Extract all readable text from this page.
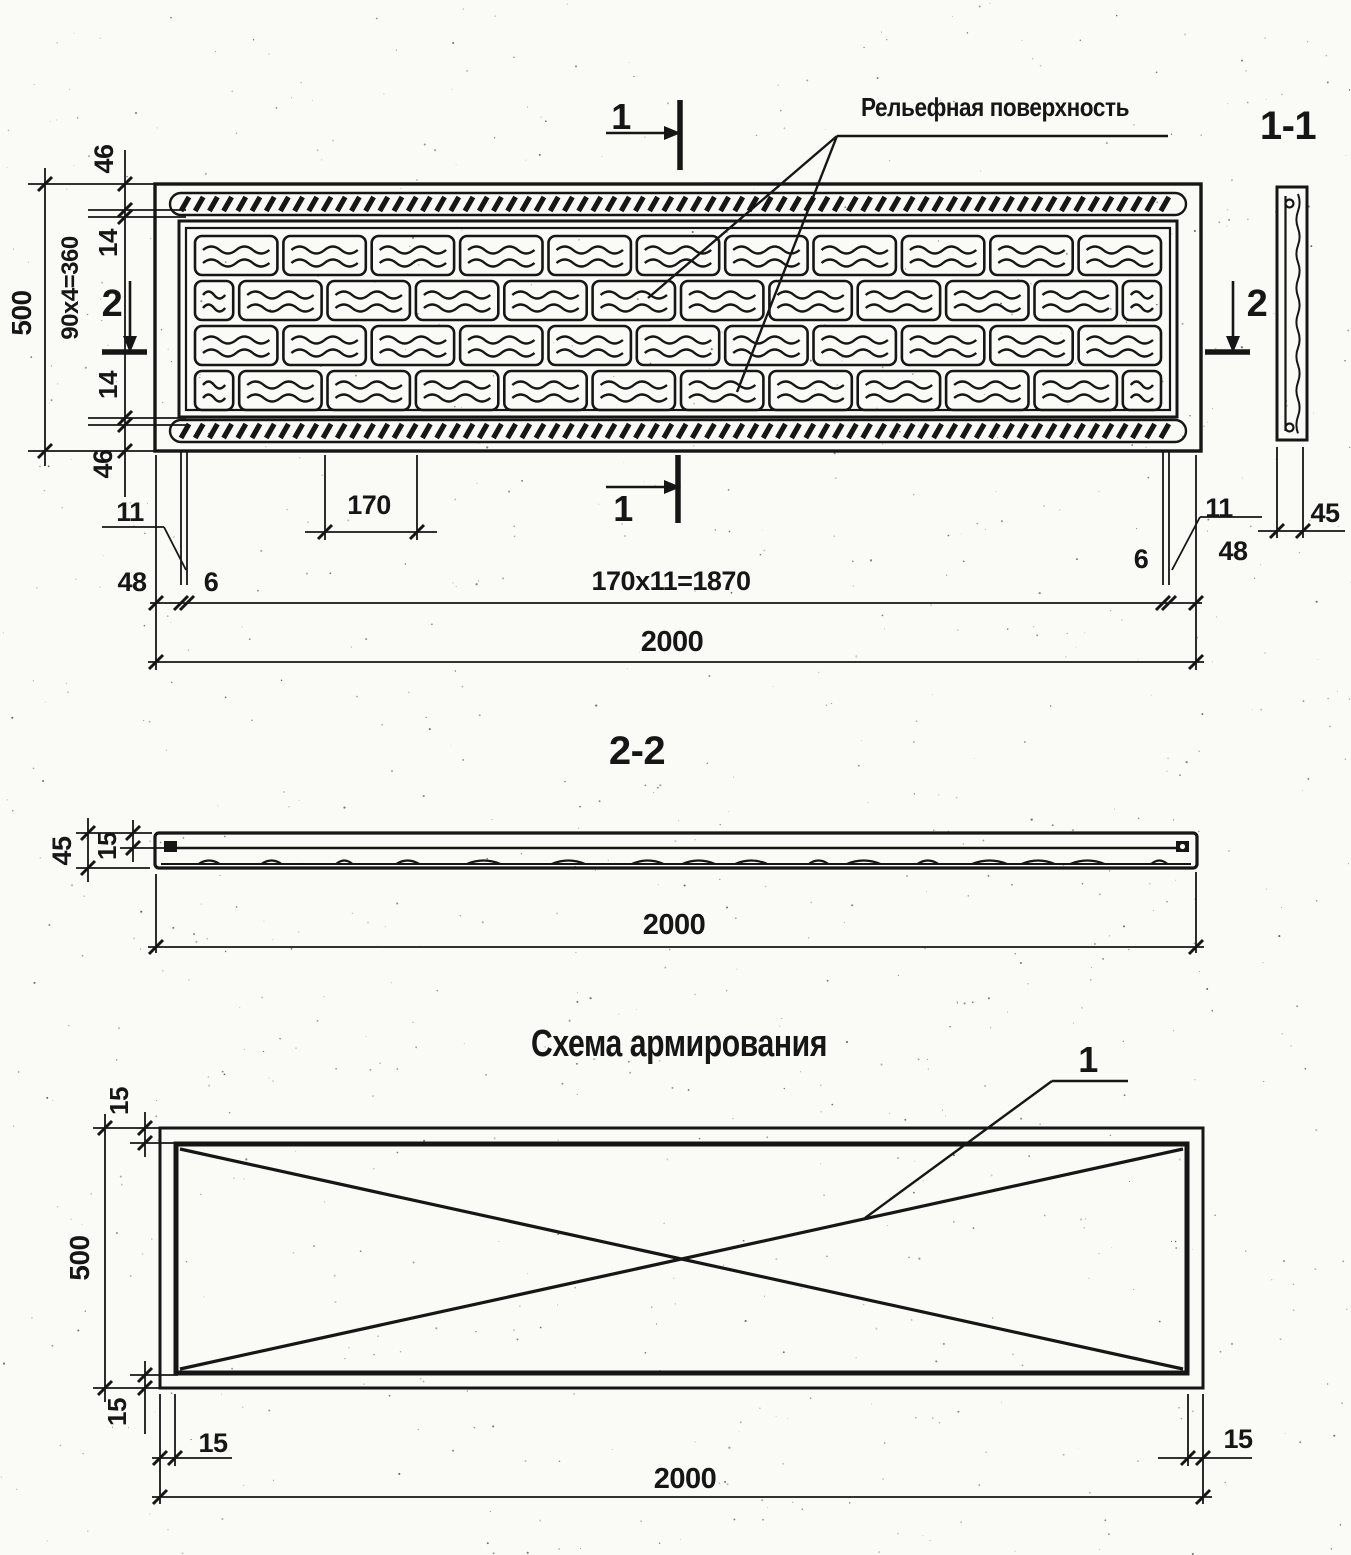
Рельефная поверхность	1-1
1
1
2	2
500
46
14
90x4=360
14
46
170
170x11=1870
2000
11
48 6
6
11
48
45
2-2
45 15
2000
Схема армирования	1
15
500
15
15	15
2000
